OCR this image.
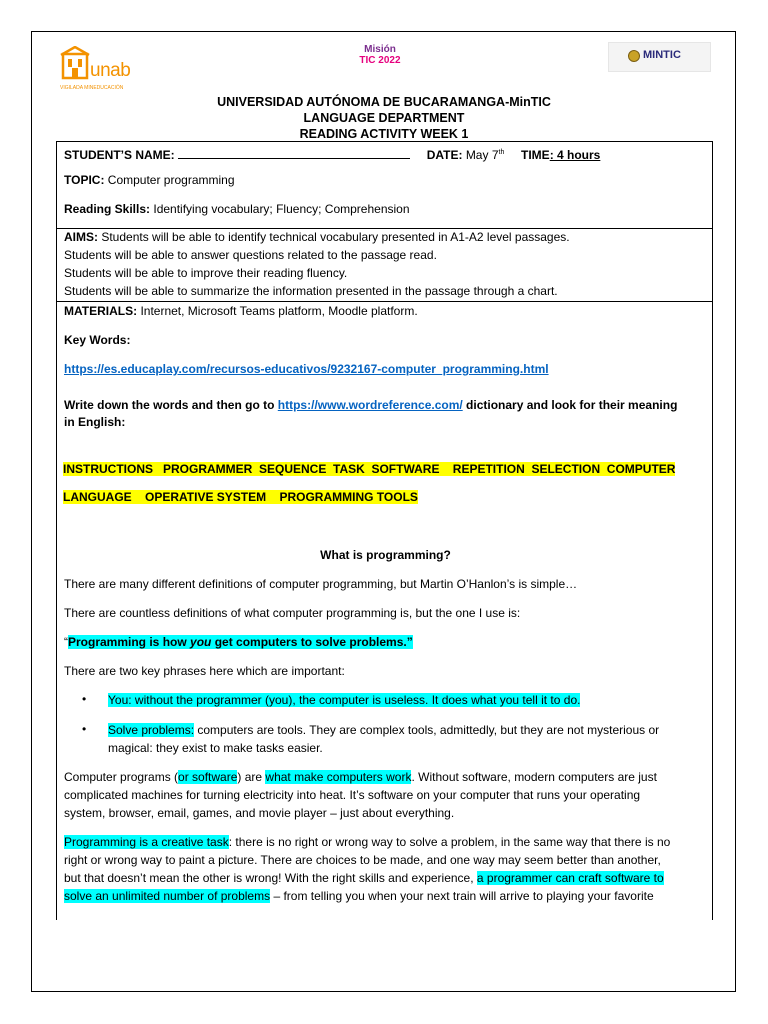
unab
VIGILADA MINEDUCACIÓN
Misión
TIC 2022	MINTIC
UNIVERSIDAD AUTÓNOMA DE BUCARAMANGA-MinTIC
LANGUAGE DEPARTMENT
READING ACTIVITY WEEK 1
STUDENT’S NAME:	DATE: May 7th TIME: 4 hours
TOPIC: Computer programming
Reading Skills: Identifying vocabulary; Fluency; Comprehension
AIMS: Students will be able to identify technical vocabulary presented in A1-A2 level passages.
Students will be able to answer questions related to the passage read.
Students will be able to improve their reading fluency.
Students will be able to summarize the information presented in the passage through a chart.
MATERIALS: Internet, Microsoft Teams platform, Moodle platform.
Key Words:
https://es.educaplay.com/recursos-educativos/9232167-computer_programming.html
Write down the words and then go to https://www.wordreference.com/ dictionary and look for their meaning
in English:
INSTRUCTIONS   PROGRAMMER  SEQUENCE  TASK  SOFTWARE    REPETITION  SELECTION  COMPUTER
LANGUAGE    OPERATIVE SYSTEM    PROGRAMMING TOOLS
What is programming?
There are many different definitions of computer programming, but Martin O’Hanlon’s is simple…
There are countless definitions of what computer programming is, but the one I use is:
“Programming is how you get computers to solve problems.”
There are two key phrases here which are important:
• You: without the programmer (you), the computer is useless. It does what you tell it to do.
• Solve problems: computers are tools. They are complex tools, admittedly, but they are not mysterious or
magical: they exist to make tasks easier.
Computer programs (or software) are what make computers work. Without software, modern computers are just
complicated machines for turning electricity into heat. It’s software on your computer that runs your operating
system, browser, email, games, and movie player – just about everything.
Programming is a creative task: there is no right or wrong way to solve a problem, in the same way that there is no
right or wrong way to paint a picture. There are choices to be made, and one way may seem better than another,
but that doesn’t mean the other is wrong! With the right skills and experience, a programmer can craft software to
solve an unlimited number of problems – from telling you when your next train will arrive to playing your favorite
